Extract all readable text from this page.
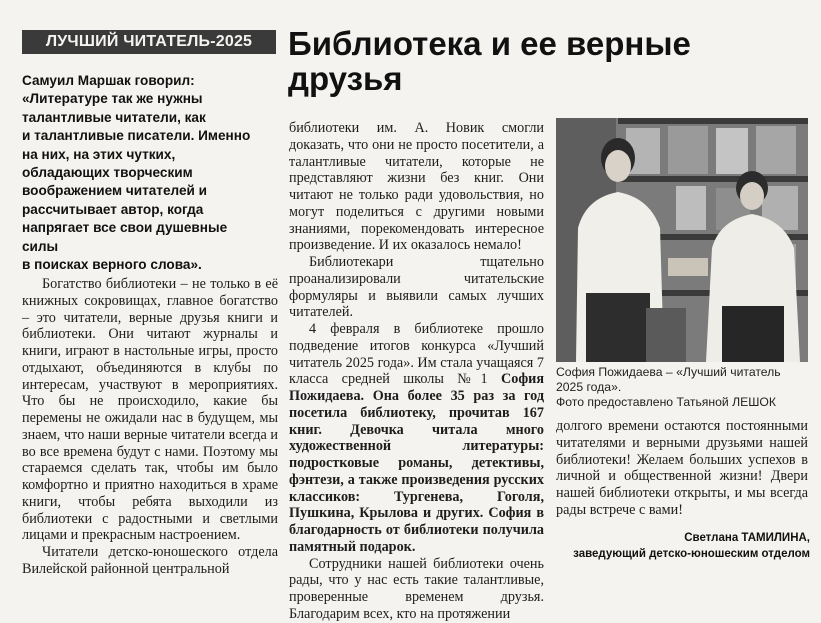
ЛУЧШИЙ ЧИТАТЕЛЬ-2025	Библиотека и ее верные друзья
Самуил Маршак говорил:
«Литературе так же нужны
талантливые читатели, как
и талантливые писатели. Именно
на них, на этих чутких,
обладающих творческим
воображением читателей и
рассчитывает автор, когда
напрягает все свои душевные
силы
в поисках верного слова».

Богатство библиотеки – не только в её книжных сокровищах, главное богатство – это читатели, верные друзья книги и библиотеки. Они читают журналы и книги, играют в настольные игры, просто отдыхают, объединяются в клубы по интересам, участвуют в мероприятиях. Что бы не происходило, какие бы перемены не ожидали нас в будущем, мы знаем, что наши верные читатели всегда и во все времена будут с нами. Поэтому мы стараемся сделать так, чтобы им было комфортно и приятно находиться в храме книги, чтобы ребята выходили из библиотеки с радостными и светлыми лицами и прекрасным настроением.

Читатели детско-юношеского отдела Вилейской районной центральной

библиотеки им. А. Новик смогли доказать, что они не просто посетители, а талантливые читатели, которые не представляют жизни без книг. Они читают не только ради удовольствия, но могут поделиться с другими новыми знаниями, порекомендовать интересное произведение. И их оказалось немало!

Библиотекари тщательно проанализировали читательские формуляры и выявили самых лучших читателей.

4 февраля в библиотеке прошло подведение итогов конкурса «Лучший читатель 2025 года». Им стала учащаяся 7 класса средней школы №1 София Пожидаева. Она более 35 раз за год посетила библиотеку, прочитав 167 книг. Девочка читала много художественной литературы: подростковые романы, детективы, фэнтези, а также произведения русских классиков: Тургенева, Гоголя, Пушкина, Крылова и других. София в благодарность от библиотеки получила памятный подарок.

Сотрудники нашей библиотеки очень рады, что у нас есть такие талантливые, проверенные временем друзья. Благодарим всех, кто на протяжении

София Пожидаева – «Лучший читатель 2025 года».
Фото предоставлено Татьяной ЛЕШОК

долгого времени остаются постоянными читателями и верными друзьями нашей библиотеки! Желаем больших успехов в личной и общественной жизни! Двери нашей библиотеки открыты, и мы всегда рады встрече с вами!

Светлана ТАМИЛИНА,
заведующий детско-юношеским отделом
